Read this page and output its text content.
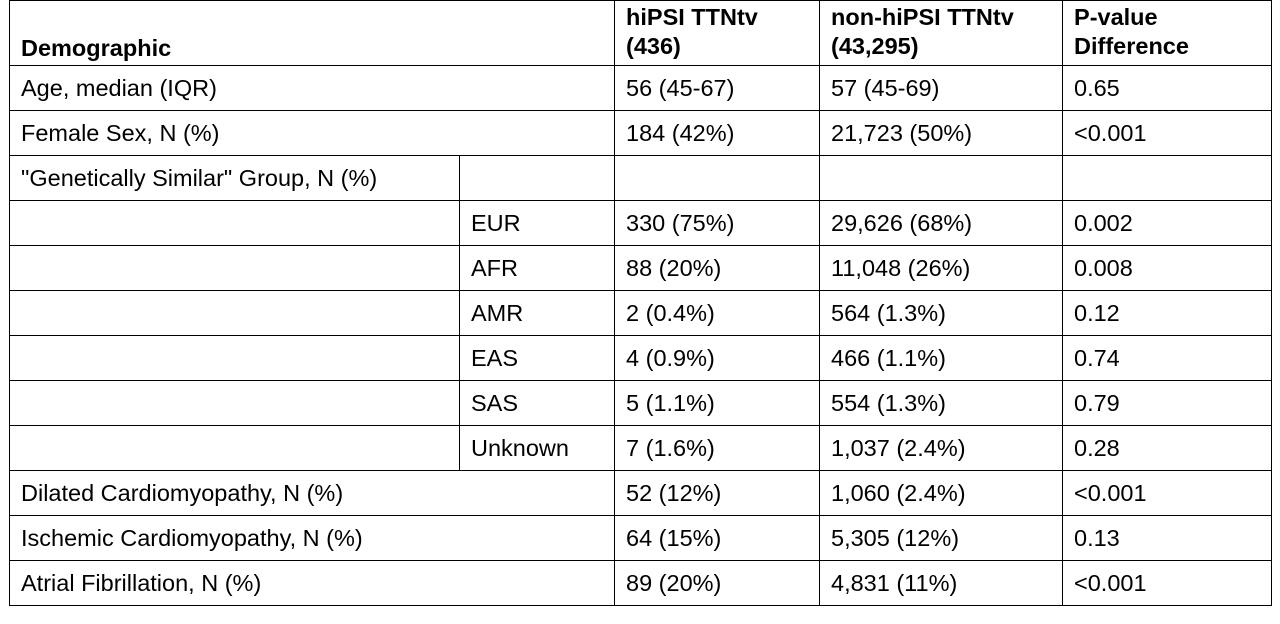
Demographic		hiPSI TTNtv (436)	non-hiPSI TTNtv (43,295)	P-value Difference
Age, median (IQR)		56 (45-67)	57 (45-69)	0.65
Female Sex, N (%)		184 (42%)	21,723 (50%)	<0.001
"Genetically Similar" Group, N (%)				
	EUR	330 (75%)	29,626 (68%)	0.002
	AFR	88 (20%)	11,048 (26%)	0.008
	AMR	2 (0.4%)	564 (1.3%)	0.12
	EAS	4 (0.9%)	466 (1.1%)	0.74
	SAS	5 (1.1%)	554 (1.3%)	0.79
	Unknown	7 (1.6%)	1,037 (2.4%)	0.28
Dilated Cardiomyopathy, N (%)		52 (12%)	1,060 (2.4%)	<0.001
Ischemic Cardiomyopathy, N (%)		64 (15%)	5,305 (12%)	0.13
Atrial Fibrillation, N (%)		89 (20%)	4,831 (11%)	<0.001
